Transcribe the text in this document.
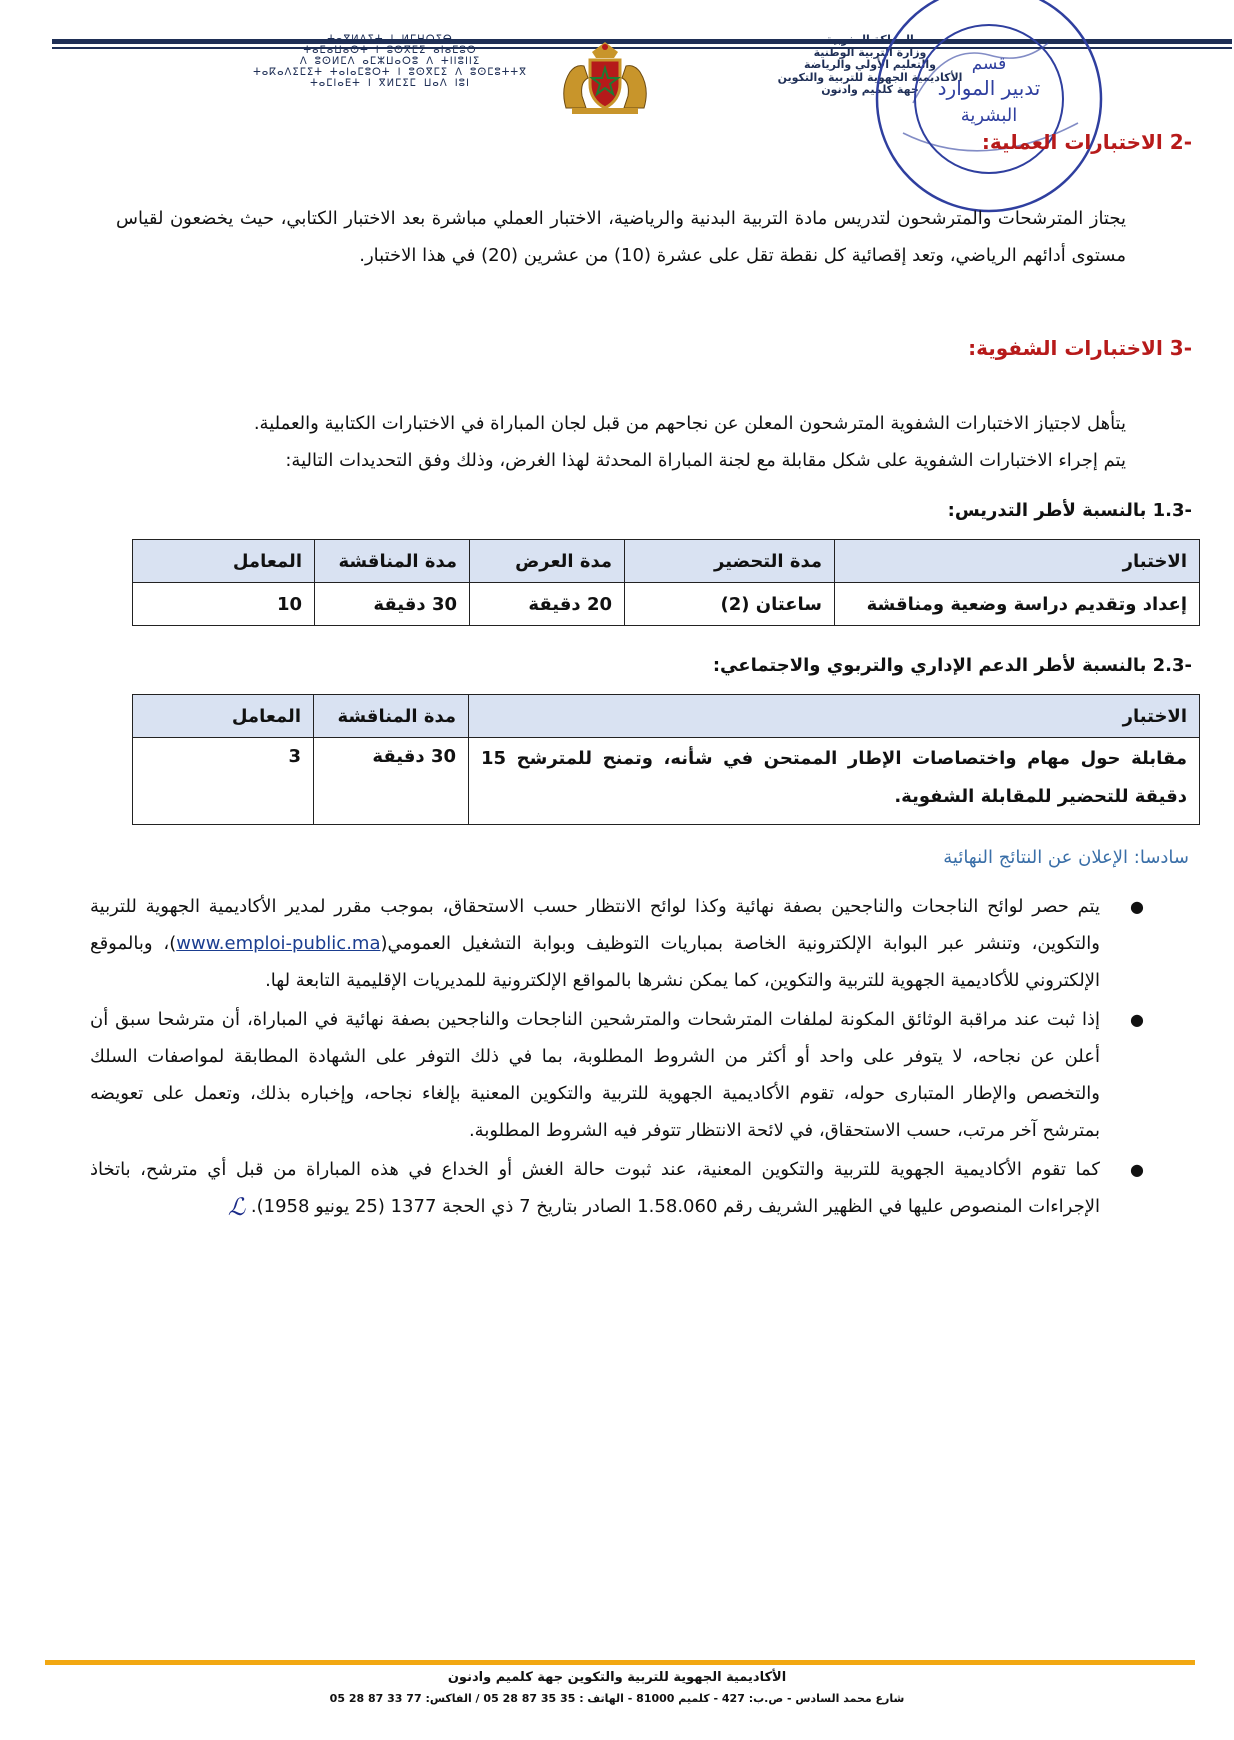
ⵜⴰⴳⵍⴷⵉⵜ ⵏ ⵍⵎⵖⵔⵉⴱ
ⵜⴰⵎⴰⵡⴰⵙⵜ ⵏ ⵓⵙⴳⵎⵉ ⴰⵏⴰⵎⵓⵔ
ⴷ ⵓⵙⵍⵎⴷ ⴰⵎⵣⵡⴰⵔⵓ ⴷ ⵜⵏⵏⵓⵏⵏⵉ
ⵜⴰⴽⴰⴷⵉⵎⵉⵜ ⵜⴰⵏⴰⵎⵓⵔⵜ ⵏ ⵓⵙⴳⵎⵉ ⴷ ⵓⵙⵎⵓⵜⵜⴳ
ⵜⴰⵎⵏⴰⴹⵜ ⵏ ⴳⵍⵎⵉⵎ ⵡⴰⴷ ⵏⵓⵏ
المملكة المغربية
وزارة التربية الوطنية
والتعليم الأولي والرياضة
الأكاديمية الجهوية للتربية والتكوين
جهة كلميم وادنون
قسم
تدبير الموارد
البشرية
-2 الاختبارات العملية:

يجتاز المترشحات والمترشحون لتدريس مادة التربية البدنية والرياضية، الاختبار العملي مباشرة بعد الاختبار الكتابي، حيث يخضعون لقياس مستوى أدائهم الرياضي، وتعد إقصائية كل نقطة تقل على عشرة (10) من عشرين (20) في هذا الاختبار.

-3 الاختبارات الشفوية:

يتأهل لاجتياز الاختبارات الشفوية المترشحون المعلن عن نجاحهم من قبل لجان المباراة في الاختبارات الكتابية والعملية.

يتم إجراء الاختبارات الشفوية على شكل مقابلة مع لجنة المباراة المحدثة لهذا الغرض، وذلك وفق التحديدات التالية:

-1.3 بالنسبة لأطر التدريس:
الاختبار	مدة التحضير	مدة العرض	مدة المناقشة	المعامل
إعداد وتقديم دراسة وضعية ومناقشة	ساعتان (2)	20 دقيقة	30 دقيقة	10
-2.3 بالنسبة لأطر الدعم الإداري والتربوي والاجتماعي:
الاختبار	مدة المناقشة	المعامل
مقابلة حول مهام واختصاصات الإطار الممتحن في شأنه، وتمنح للمترشح 15 دقيقة للتحضير للمقابلة الشفوية.	30 دقيقة	3
سادسا: الإعلان عن النتائج النهائية
●
يتم حصر لوائح الناجحات والناجحين بصفة نهائية وكذا لوائح الانتظار حسب الاستحقاق، بموجب مقرر لمدير الأكاديمية الجهوية للتربية والتكوين، وتنشر عبر البوابة الإلكترونية الخاصة بمباريات التوظيف وبوابة التشغيل العمومي(www.emploi-public.ma)، وبالموقع الإلكتروني للأكاديمية الجهوية للتربية والتكوين، كما يمكن نشرها بالمواقع الإلكترونية للمديريات الإقليمية التابعة لها.
●
إذا ثبت عند مراقبة الوثائق المكونة لملفات المترشحات والمترشحين الناجحات والناجحين بصفة نهائية في المباراة، أن مترشحا سبق أن أعلن عن نجاحه، لا يتوفر على واحد أو أكثر من الشروط المطلوبة، بما في ذلك التوفر على الشهادة المطابقة لمواصفات السلك والتخصص والإطار المتبارى حوله، تقوم الأكاديمية الجهوية للتربية والتكوين المعنية بإلغاء نجاحه، وإخباره بذلك، وتعمل على تعويضه بمترشح آخر مرتب، حسب الاستحقاق، في لائحة الانتظار تتوفر فيه الشروط المطلوبة.
●
كما تقوم الأكاديمية الجهوية للتربية والتكوين المعنية، عند ثبوت حالة الغش أو الخداع في هذه المباراة من قبل أي مترشح، باتخاذ الإجراءات المنصوص عليها في الظهير الشريف رقم 1.58.060 الصادر بتاريخ 7 ذي الحجة 1377 (25 يونيو 1958). ℒ
الأكاديمية الجهوية للتربية والتكوين جهة كلميم وادنون
شارع محمد السادس - ص.ب: 427 - كلميم 81000 - الهاتف : 35 35 87 28 05 / الفاكس: 77 33 87 28 05
